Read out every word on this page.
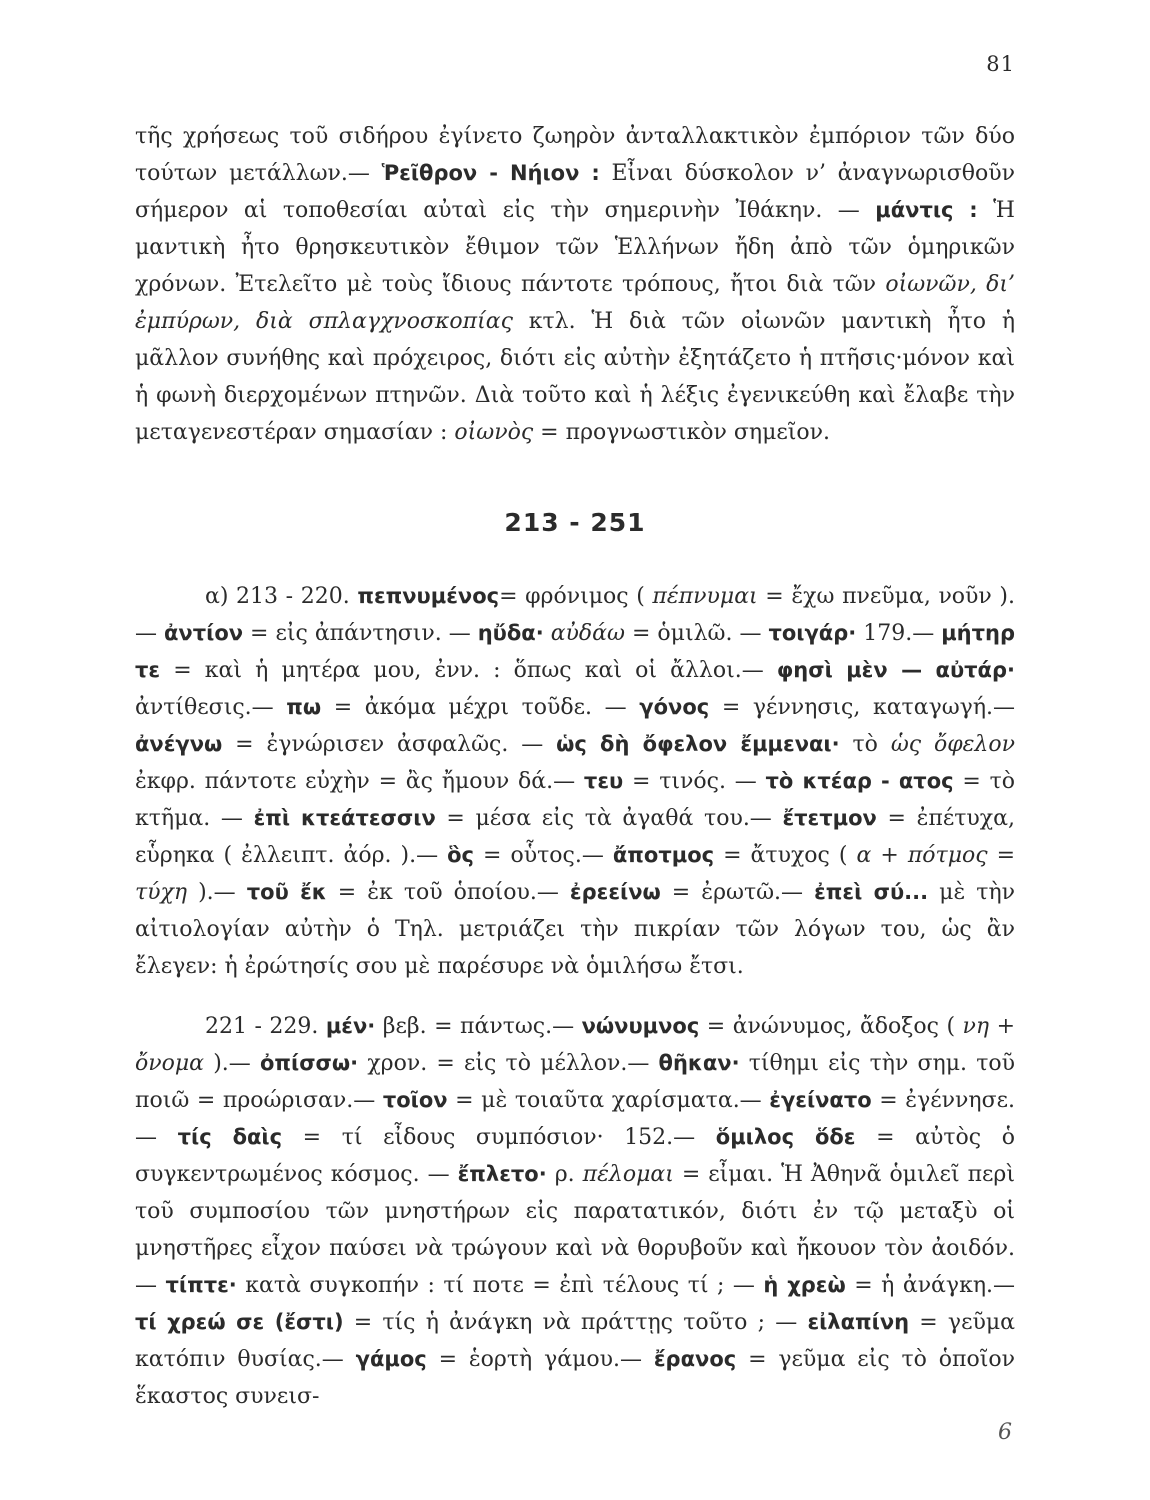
81

τῆς χρήσεως τοῦ σιδήρου ἐγίνετο ζωηρὸν ἀνταλλακτικὸν ἐμπόριον τῶν δύο τούτων μετάλλων.— Ῥεῖθρον - Νήιον : Εἶναι δύσκολον ν’ ἀναγνωρισθοῦν σήμερον αἱ τοποθεσίαι αὐταὶ εἰς τὴν σημερινὴν Ἰθάκην. — μάντις : Ἡ μαντικὴ ἦτο θρησκευτικὸν ἔθιμον τῶν Ἑλλήνων ἤδη ἀπὸ τῶν ὁμηρικῶν χρόνων. Ἐτελεῖτο μὲ τοὺς ἴδιους πάντοτε τρόπους, ἤτοι διὰ τῶν οἰωνῶν, δι’ ἐμπύρων, διὰ σπλαγχνοσκοπίας κτλ. Ἡ διὰ τῶν οἰωνῶν μαντικὴ ἦτο ἡ μᾶλλον συνήθης καὶ πρόχειρος, διότι εἰς αὐτὴν ἐξητάζετο ἡ πτῆσις·μόνον καὶ ἡ φωνὴ διερχομένων πτηνῶν. Διὰ τοῦτο καὶ ἡ λέξις ἐγενικεύθη καὶ ἔλαβε τὴν μεταγενεστέραν σημασίαν : οἰωνὸς = προγνωστικὸν σημεῖον.

213 - 251

α) 213 - 220. πεπνυμένος= φρόνιμος ( πέπνυμαι = ἔχω πνεῦμα, νοῦν ).— ἀντίον = εἰς ἀπάντησιν. — ηὔδα· αὐδάω = ὁμιλῶ. — τοιγάρ· 179.— μήτηρ τε = καὶ ἡ μητέρα μου, ἐνν. : ὅπως καὶ οἱ ἄλλοι.— φησὶ μὲν — αὐτάρ· ἀντίθεσις.— πω = ἀκόμα μέχρι τοῦδε. — γόνος = γέννησις, καταγωγή.— ἀνέγνω = ἐγνώρισεν ἀσφαλῶς. — ὡς δὴ ὄφελον ἔμμεναι· τὸ ὡς ὄφελον ἐκφρ. πάντοτε εὐχὴν = ἂς ἤμουν δά.— τευ = τινός. — τὸ κτέαρ - ατος = τὸ κτῆμα. — ἐπὶ κτεάτεσσιν = μέσα εἰς τὰ ἀγαθά του.— ἔτετμον = ἐπέτυχα, εὗρηκα ( ἐλλειπτ. ἀόρ. ).— ὃς = οὗτος.— ἄποτμος = ἄτυχος ( α + πότμος = τύχη ).— τοῦ ἔκ = ἐκ τοῦ ὁποίου.— ἐρεείνω = ἐρωτῶ.— ἐπεὶ σύ... μὲ τὴν αἰτιολογίαν αὐτὴν ὁ Τηλ. μετριάζει τὴν πικρίαν τῶν λόγων του, ὡς ἂν ἔλεγεν: ἡ ἐρώτησίς σου μὲ παρέσυρε νὰ ὁμιλήσω ἔτσι.

221 - 229. μέν· βεβ. = πάντως.— νώνυμνος = ἀνώνυμος, ἄδοξος ( νη + ὄνομα ).— ὀπίσσω· χρον. = εἰς τὸ μέλλον.— θῆκαν· τίθημι εἰς τὴν σημ. τοῦ ποιῶ = προώρισαν.— τοῖον = μὲ τοιαῦτα χαρίσματα.— ἐγείνατο = ἐγέννησε.— τίς δαὶς = τί εἶδους συμπόσιον· 152.— ὅμιλος ὅδε = αὐτὸς ὁ συγκεντρωμένος κόσμος. — ἔπλετο· ρ. πέλομαι = εἶμαι. Ἡ Ἀθηνᾶ ὁμιλεῖ περὶ τοῦ συμποσίου τῶν μνηστήρων εἰς παρατατικόν, διότι ἐν τῷ μεταξὺ οἱ μνηστῆρες εἶχον παύσει νὰ τρώγουν καὶ νὰ θορυβοῦν καὶ ἤκουον τὸν ἀοιδόν.— τίπτε· κατὰ συγκοπήν : τί ποτε = ἐπὶ τέλους τί ; — ἡ χρεὼ = ἡ ἀνάγκη.— τί χρεώ σε (ἔστι) = τίς ἡ ἀνάγκη νὰ πράττῃς τοῦτο ; — εἰλαπίνη = γεῦμα κατόπιν θυσίας.— γάμος = ἑορτὴ γάμου.— ἔρανος = γεῦμα εἰς τὸ ὁποῖον ἕκαστος συνεισ-

6
